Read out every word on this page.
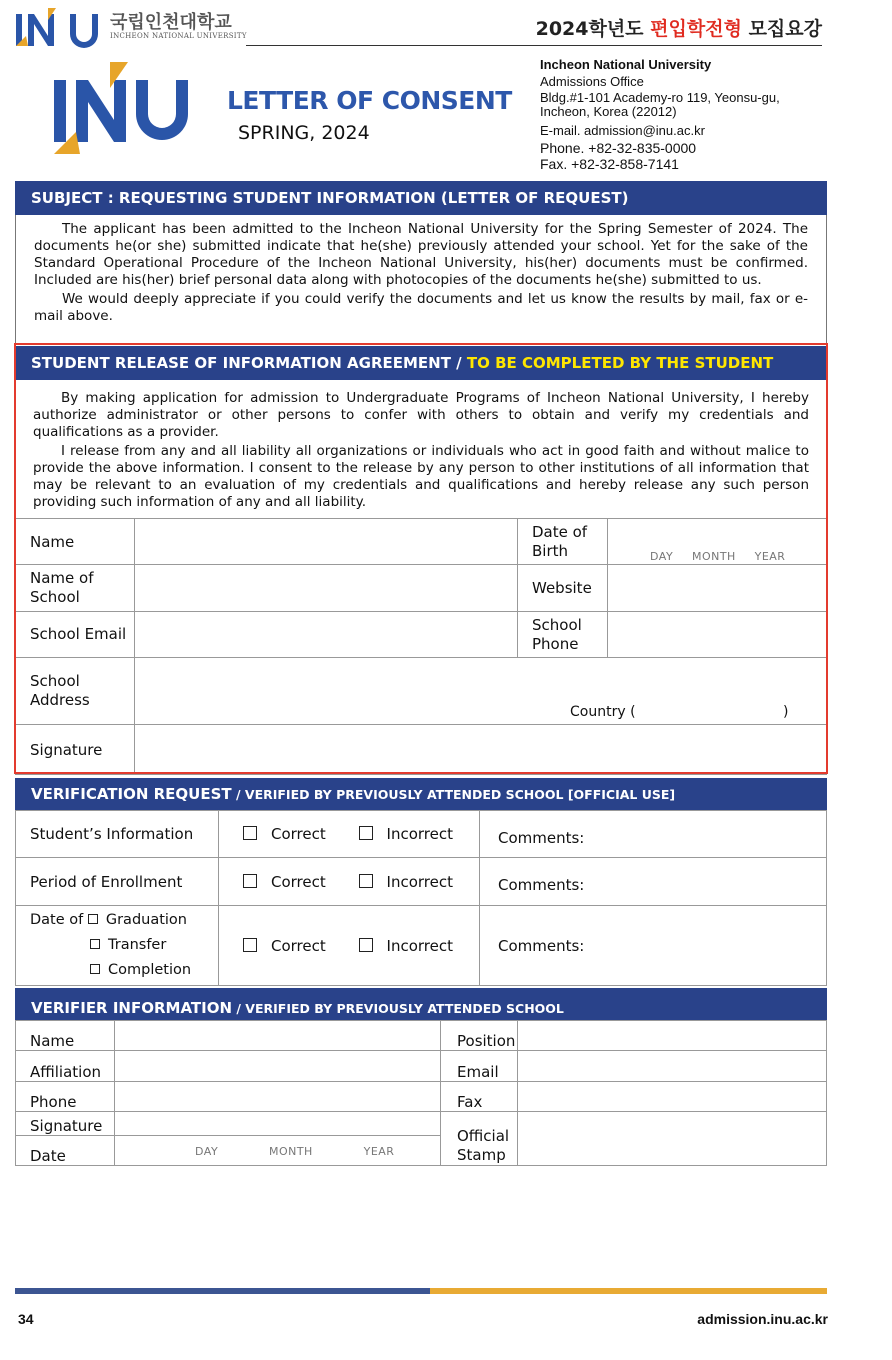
국립인천대학교
INCHEON NATIONAL UNIVERSITY	2024학년도 편입학전형 모집요강
LETTER OF CONSENT
SPRING, 2024
Incheon National University
Admissions Office
Bldg.#1-101 Academy-ro 119, Yeonsu-gu, Incheon, Korea (22012)
E-mail. admission@inu.ac.kr
Phone. +82-32-835-0000
Fax. +82-32-858-7141
SUBJECT : REQUESTING STUDENT INFORMATION (LETTER OF REQUEST)

The applicant has been admitted to the Incheon National University for the Spring Semester of 2024. The documents he(or she) submitted indicate that he(she) previously attended your school. Yet for the sake of the Standard Operational Procedure of the Incheon National University, his(her) documents must be confirmed. Included are his(her) brief personal data along with photocopies of the documents he(she) submitted to us.

We would deeply appreciate if you could verify the documents and let us know the results by mail, fax or e-mail above.

STUDENT RELEASE OF INFORMATION AGREEMENT / TO BE COMPLETED BY THE STUDENT

By making application for admission to Undergraduate Programs of Incheon National University, I hereby authorize administrator or other persons to confer with others to obtain and verify my credentials and qualifications as a provider.

I release from any and all liability all organizations or individuals who act in good faith and without malice to provide the above information. I consent to the release by any person to other institutions of all information that may be relevant to an evaluation of my credentials and qualifications and hereby release any such person providing such information of any and all liability.

Name		Date of Birth	DAY MONTH YEAR

Name of School		Website	
School Email		School Phone	
School Address	Country ( )		

Signature			
VERIFICATION REQUEST / VERIFIED BY PREVIOUSLY ATTENDED SCHOOL [OFFICIAL USE]
Student’s Information	Correct Incorrect	Comments:
Period of Enrollment	Correct Incorrect	Comments:

Date of Graduation
Transfer
Completion	Correct Incorrect	Comments:
VERIFIER INFORMATION / VERIFIED BY PREVIOUSLY ATTENDED SCHOOL
Name		Position	
Affiliation		Email	
Phone		Fax	
Signature		Official Stamp	
Date	DAY MONTH YEAR		
34	admission.inu.ac.kr
